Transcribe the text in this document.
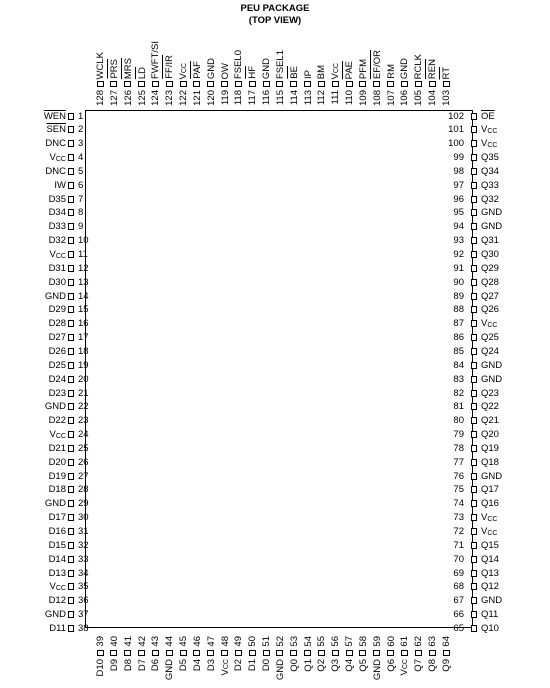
PEU PACKAGE
(TOP VIEW)
$\overline{WEN}$ 1
$\overline{SEN}$ 2
DNC 3
$V_{CC}$ 4
DNC 5
IW 6
D35 7
D34 8
D33 9
D32 10
$V_{CC}$ 11
D31 12
D30 13
GND 14
D29 15
D28 16
D27 17
D26 18
D25 19
D24 20
D23 21
GND 22
D22 23
$V_{CC}$ 24
D21 25
D20 26
D19 27
D18 28
GND 29
D17 30
D16 31
D15 32
D14 33
D13 34
$V_{CC}$ 35
D12 36
GND 37
D11 38
102 $\overline{OE}$
101 $V_{CC}$
100 $V_{CC}$
99 Q35
98 Q34
97 Q33
96 Q32
95 GND
94 GND
93 Q31
92 Q30
91 Q29
90 Q28
89 Q27
88 Q26
87 $V_{CC}$
86 Q25
85 Q24
84 GND
83 GND
82 Q23
81 Q22
80 Q21
79 Q20
78 Q19
77 Q18
76 GND
75 Q17
74 Q16
73 $V_{CC}$
72 $V_{CC}$
71 Q15
70 Q14
69 Q13
68 Q12
67 GND
66 Q11
65 Q10
WCLK
128
PRS
127
MRS
126
LD
125
FWFT/SI
124
FF/IR
123
$V_{CC}$
122
PAF
121
GND
120
OW
119
FSEL0
118
HF
117
GND
116
FSEL1
115
BE
114
IP
113
BM
112
$V_{CC}$
111
PAE
110
PFM
109
EF/OR
108
RM
107
GND
106
RCLK
105
REN
104
RT
103
39
D10
40
D9
41
D8
42
D7
43
D6
44
GND
45
D5
46
D4
47
D3
48
$V_{CC}$
49
D2
50
D1
51
D0
52
GND
53
Q0
54
Q1
55
Q2
56
Q3
57
Q4
58
Q5
59
GND
60
Q6
61
$V_{CC}$
62
Q7
63
Q8
64
Q9
